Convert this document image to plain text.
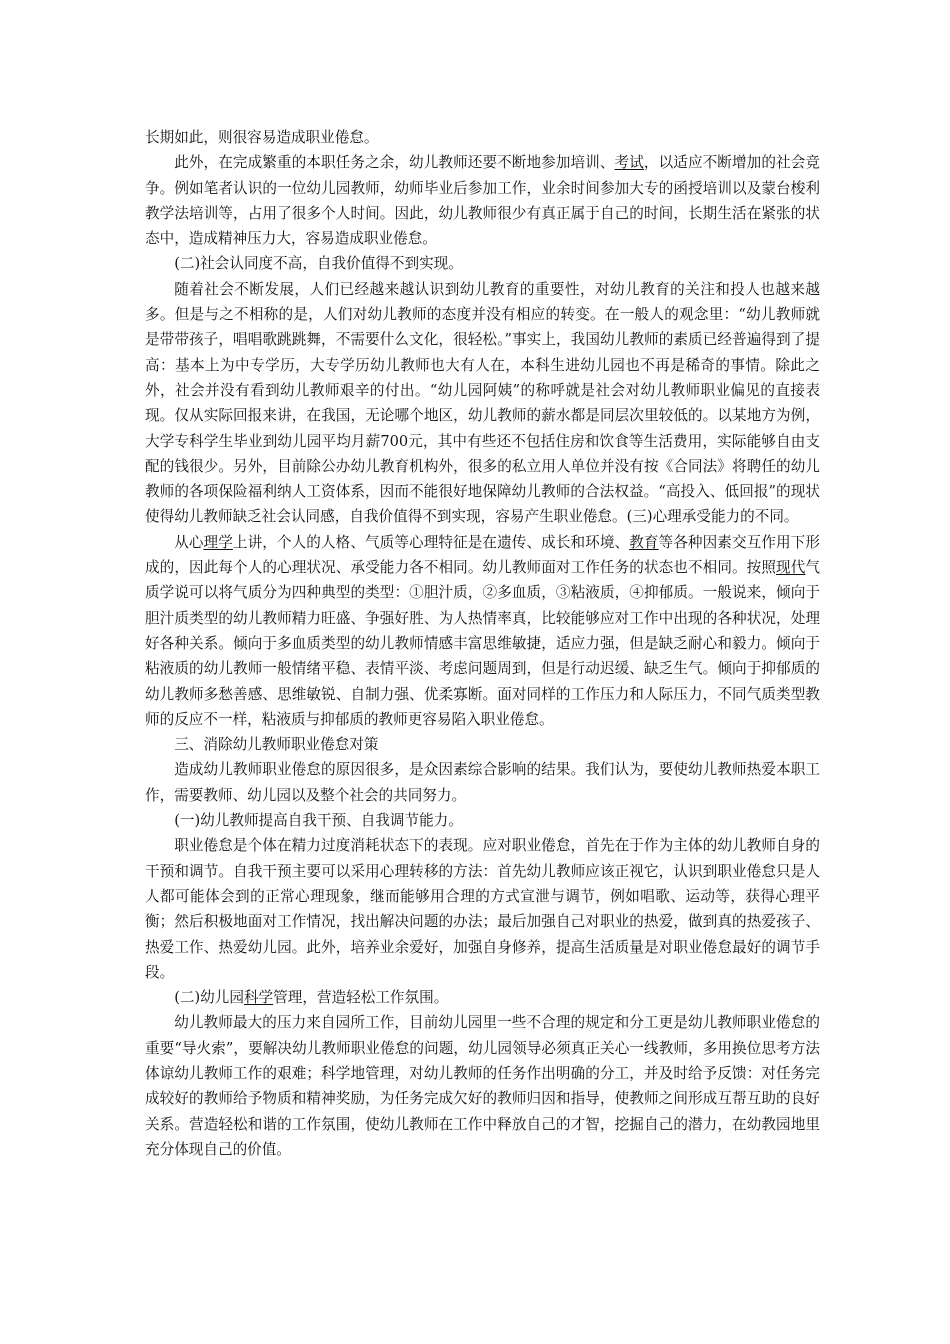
长期如此，则很容易造成职业倦怠。

此外，在完成繁重的本职任务之余，幼儿教师还要不断地参加培训、考试，以适应不断增加的社会竞争。例如笔者认识的一位幼儿园教师，幼师毕业后参加工作，业余时间参加大专的函授培训以及蒙台梭利教学法培训等，占用了很多个人时间。因此，幼儿教师很少有真正属于自己的时间，长期生活在紧张的状态中，造成精神压力大，容易造成职业倦怠。

(二)社会认同度不高，自我价值得不到实现。

随着社会不断发展，人们已经越来越认识到幼儿教育的重要性，对幼儿教育的关注和投人也越来越多。但是与之不相称的是，人们对幼儿教师的态度并没有相应的转变。在一般人的观念里：“幼儿教师就是带带孩子，唱唱歌跳跳舞，不需要什么文化，很轻松。”事实上，我国幼儿教师的素质已经普遍得到了提高：基本上为中专学历，大专学历幼儿教师也大有人在，本科生进幼儿园也不再是稀奇的事情。除此之外，社会并没有看到幼儿教师艰辛的付出。“幼儿园阿姨”的称呼就是社会对幼儿教师职业偏见的直接表现。仅从实际回报来讲，在我国，无论哪个地区，幼儿教师的薪水都是同层次里较低的。以某地方为例，大学专科学生毕业到幼儿园平均月薪700元，其中有些还不包括住房和饮食等生活费用，实际能够自由支配的钱很少。另外，目前除公办幼儿教育机构外，很多的私立用人单位并没有按《合同法》将聘任的幼儿教师的各项保险福利纳人工资体系，因而不能很好地保障幼儿教师的合法权益。“高投入、低回报”的现状使得幼儿教师缺乏社会认同感，自我价值得不到实现，容易产生职业倦怠。(三)心理承受能力的不同。

从心理学上讲，个人的人格、气质等心理特征是在遗传、成长和环境、教育等各种因素交互作用下形成的，因此每个人的心理状况、承受能力各不相同。幼儿教师面对工作任务的状态也不相同。按照现代气质学说可以将气质分为四种典型的类型：①胆汁质，②多血质，③粘液质，④抑郁质。一般说来，倾向于胆汁质类型的幼儿教师精力旺盛、争强好胜、为人热情率真，比较能够应对工作中出现的各种状况，处理好各种关系。倾向于多血质类型的幼儿教师情感丰富思维敏捷，适应力强，但是缺乏耐心和毅力。倾向于粘液质的幼儿教师一般情绪平稳、表情平淡、考虑问题周到，但是行动迟缓、缺乏生气。倾向于抑郁质的幼儿教师多愁善感、思维敏锐、自制力强、优柔寡断。面对同样的工作压力和人际压力，不同气质类型教师的反应不一样，粘液质与抑郁质的教师更容易陷入职业倦怠。

三、消除幼儿教师职业倦怠对策

造成幼儿教师职业倦怠的原因很多，是众因素综合影响的结果。我们认为，要使幼儿教师热爱本职工作，需要教师、幼儿园以及整个社会的共同努力。

(一)幼儿教师提高自我干预、自我调节能力。

职业倦怠是个体在精力过度消耗状态下的表现。应对职业倦怠，首先在于作为主体的幼儿教师自身的干预和调节。自我干预主要可以采用心理转移的方法：首先幼儿教师应该正视它，认识到职业倦怠只是人人都可能体会到的正常心理现象，继而能够用合理的方式宣泄与调节，例如唱歌、运动等，获得心理平衡；然后积极地面对工作情况，找出解决问题的办法；最后加强自己对职业的热爱，做到真的热爱孩子、热爱工作、热爱幼儿园。此外，培养业余爱好，加强自身修养，提高生活质量是对职业倦怠最好的调节手段。

(二)幼儿园科学管理，营造轻松工作氛围。

幼儿教师最大的压力来自园所工作，目前幼儿园里一些不合理的规定和分工更是幼儿教师职业倦怠的重要“导火索”，要解决幼儿教师职业倦怠的问题，幼儿园领导必须真正关心一线教师，多用换位思考方法体谅幼儿教师工作的艰难；科学地管理，对幼儿教师的任务作出明确的分工，并及时给予反馈：对任务完成较好的教师给予物质和精神奖励，为任务完成欠好的教师归因和指导，使教师之间形成互帮互助的良好关系。营造轻松和谐的工作氛围，使幼儿教师在工作中释放自己的才智，挖掘自己的潜力，在幼教园地里充分体现自己的价值。
